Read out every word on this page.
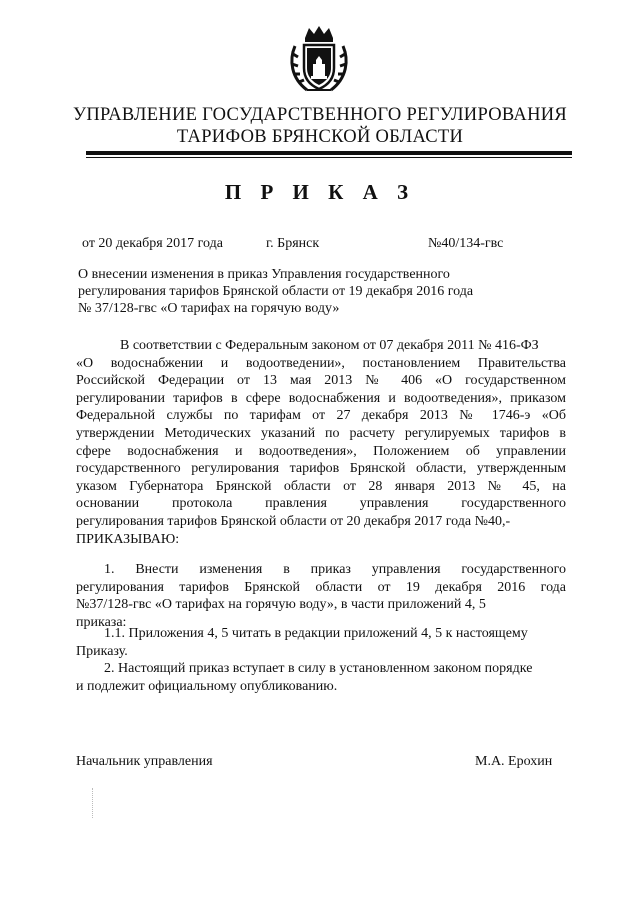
УПРАВЛЕНИЕ ГОСУДАРСТВЕННОГО РЕГУЛИРОВАНИЯ
ТАРИФОВ БРЯНСКОЙ ОБЛАСТИ
П Р И К А З
от 20 декабря 2017 года	г. Брянск	№40/134-гвс
О внесении изменения в приказ Управления государственного
регулирования тарифов Брянской области от 19 декабря 2016 года
№ 37/128-гвс «О тарифах на горячую воду»
В соответствии с Федеральным законом от 07 декабря 2011 № 416-ФЗ
«О водоснабжении и водоотведении», постановлением Правительства
Российской Федерации от 13 мая 2013 № 406 «О государственном
регулировании тарифов в сфере водоснабжения и водоотведения», приказом
Федеральной службы по тарифам от 27 декабря 2013 № 1746-э «Об
утверждении Методических указаний по расчету регулируемых тарифов в
сфере водоснабжения и водоотведения», Положением об управлении
государственного регулирования тарифов Брянской области, утвержденным
указом Губернатора Брянской области от 28 января 2013 № 45, на
основании протокола правления управления государственного
регулирования тарифов Брянской области от 20 декабря 2017 года №40,-
ПРИКАЗЫВАЮ:
1. Внести изменения в приказ управления государственного
регулирования тарифов Брянской области от 19 декабря 2016 года
№37/128-гвс «О тарифах на горячую воду», в части приложений 4, 5
приказа:
1.1. Приложения 4, 5 читать в редакции приложений 4, 5 к настоящему
Приказу.
2. Настоящий приказ вступает в силу в установленном законом порядке
и подлежит официальному опубликованию.
Начальник управления	М.А. Ерохин
